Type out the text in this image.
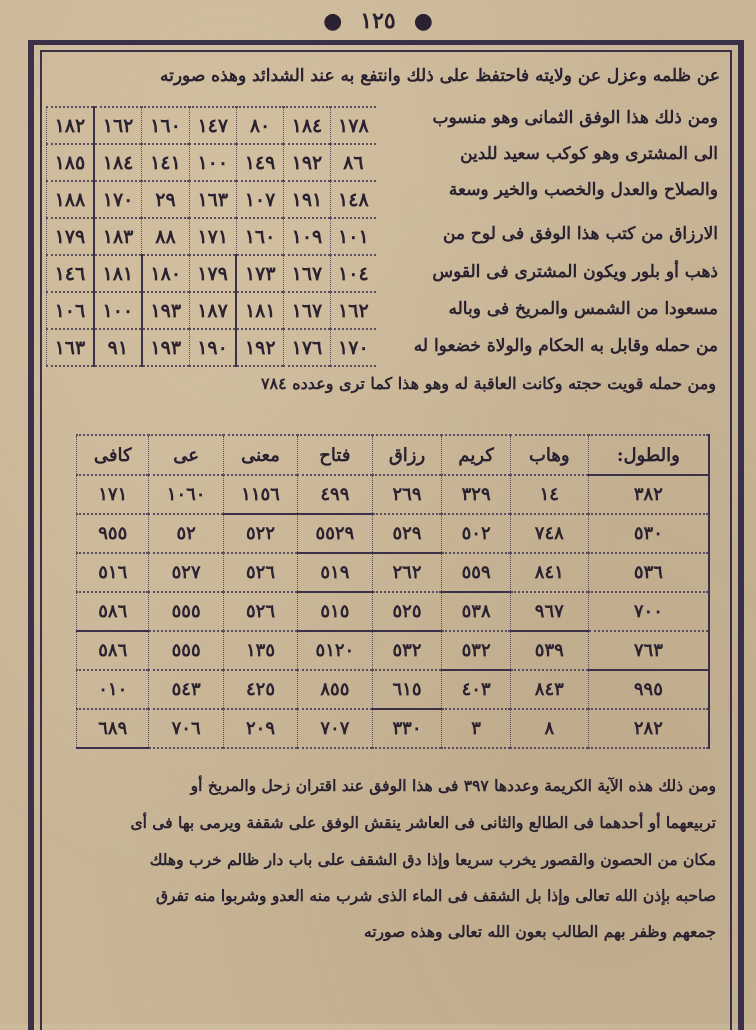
●
١٢٥
●
عن ظلمه وعزل عن ولايته فاحتفظ على ذلك وانتفع به عند الشدائد وهذه صورته
ومن ذلك هذا الوفق الثمانى وهو منسوب
الى المشترى وهو كوكب سعيد للدين
والصلاح والعدل والخصب والخير وسعة
الارزاق من كتب هذا الوفق فى لوح من
ذهب أو بلور ويكون المشترى فى القوس
مسعودا من الشمس والمريخ فى وباله
من حمله وقابل به الحكام والولاة خضعوا له
١٧٨	١٨٤	٨٠	١٤٧	١٦٠	١٦٢	١٨٢
٨٦	١٩٢	١٤٩	١٠٠	١٤١	١٨٤	١٨٥
١٤٨	١٩١	١٠٧	١٦٣	٢٩	١٧٠	١٨٨
١٠١	١٠٩	١٦٠	١٧١	٨٨	١٨٣	١٧٩
١٠٤	١٦٧	١٧٣	١٧٩	١٨٠	١٨١	١٤٦
١٦٢	١٦٧	١٨١	١٨٧	١٩٣	١٠٠	١٠٦
١٧٠	١٧٦	١٩٢	١٩٠	١٩٣	٩١	١٦٣
ومن حمله قويت حجته وكانت العاقبة له وهو هذا كما ترى وعدده ٧٨٤
والطول:	وهاب	كريم	رزاق	فتاح	معنى	عى	كافى
٣٨٢	١٤	٣٢٩	٢٦٩	٤٩٩	١١٥٦	١٠٦٠	١٧١
٥٣٠	٧٤٨	٥٠٢	٥٢٩	٥٥٢٩	٥٢٢	٥٢	٩٥٥
٥٣٦	٨٤١	٥٥٩	٢٦٢	٥١٩	٥٢٦	٥٢٧	٥١٦
٧٠٠	٩٦٧	٥٣٨	٥٢٥	٥١٥	٥٢٦	٥٥٥	٥٨٦
٧٦٣	٥٣٩	٥٣٢	٥٣٢	٥١٢٠	١٣٥	٥٥٥	٥٨٦
٩٩٥	٨٤٣	٤٠٣	٦١٥	٨٥٥	٤٢٥	٥٤٣	٠١٠
٢٨٢	٨	٣	٣٣٠	٧٠٧	٢٠٩	٧٠٦	٦٨٩
ومن ذلك هذه الآية الكريمة وعددها ٣٩٧ فى هذا الوفق عند اقتران زحل والمريخ أو
تربيعهما أو أحدهما فى الطالع والثانى فى العاشر ينقش الوفق على شقفة ويرمى بها فى أى
مكان من الحصون والقصور يخرب سريعا وإذا دق الشقف على باب دار ظالم خرب وهلك
صاحبه بإذن الله تعالى وإذا بل الشقف فى الماء الذى شرب منه العدو وشربوا منه تفرق
جمعهم وظفر بهم الطالب بعون الله تعالى وهذه صورته
